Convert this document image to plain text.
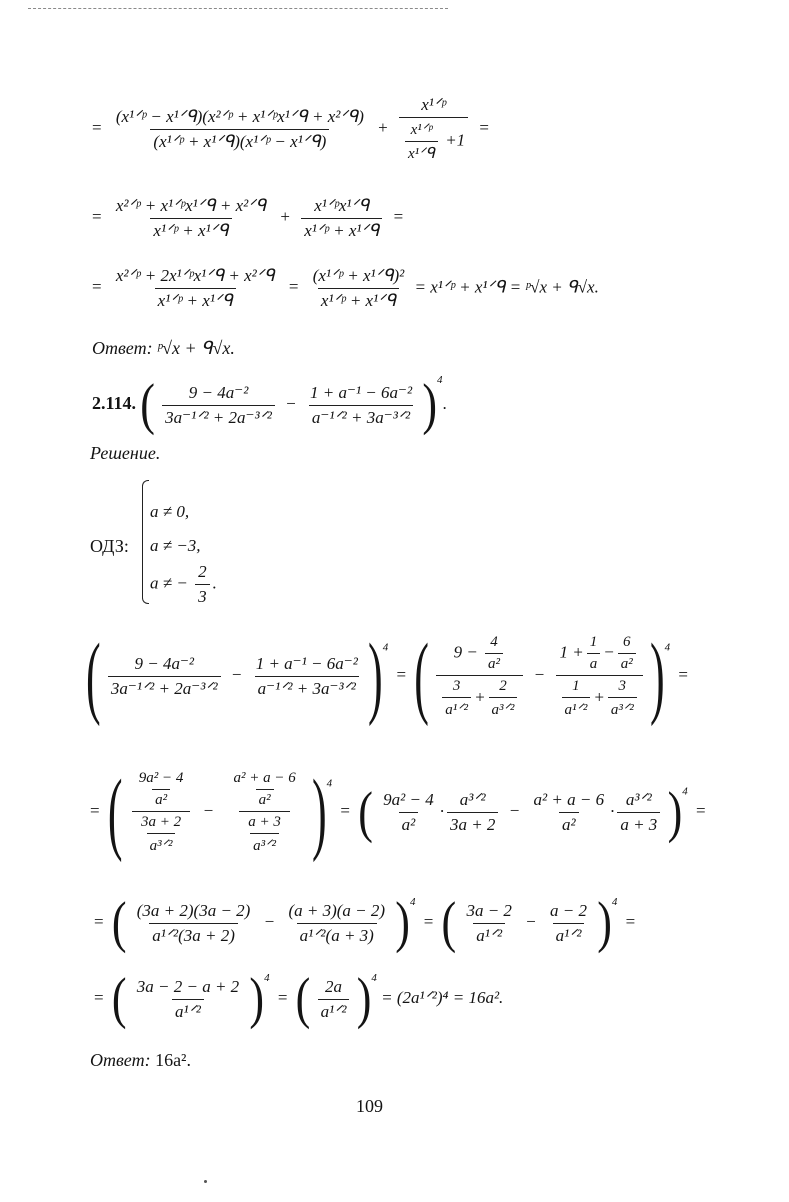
= $\frac{\text{(x¹ᐟᵖ − x¹ᐟᑫ)(x²ᐟᵖ + x¹ᐟᵖx¹ᐟᑫ + x²ᐟᑫ)}}{\text{(x¹ᐟᵖ + x¹ᐟᑫ)(x¹ᐟᵖ − x¹ᐟᑫ)}} + \frac{\text{x¹ᐟᵖ}}{\frac{\text{x¹ᐟᵖ}}{\text{x¹ᐟᑫ}} +1}$ =
= $\frac{\text{x²ᐟᵖ + x¹ᐟᵖx¹ᐟᑫ + x²ᐟᑫ}}{\text{x¹ᐟᵖ + x¹ᐟᑫ}} + \frac{\text{x¹ᐟᵖx¹ᐟᑫ}}{\text{x¹ᐟᵖ + x¹ᐟᑫ}}$ =
= $\frac{\text{x²ᐟᵖ + 2x¹ᐟᵖx¹ᐟᑫ + x²ᐟᑫ}}{\text{x¹ᐟᵖ + x¹ᐟᑫ}} = \frac{\text{(x¹ᐟᵖ + x¹ᐟᑫ)²}}{\text{x¹ᐟᵖ + x¹ᐟᑫ}}$ = x¹ᐟᵖ + x¹ᐟᑫ = ᵖ√x + ᑫ√x.
Ответ: ᵖ√x + ᑫ√x.
2.114. ( $\frac{\text{9 − 4a⁻²}}{\text{3a⁻¹ᐟ² + 2a⁻³ᐟ²}} - \frac{\text{1 + a⁻¹ − 6a⁻²}}{\text{a⁻¹ᐟ² + 3a⁻³ᐟ²}} )^4$.
Решение.
ОДЗ:
a ≠ 0,
a ≠ −3,
a ≠ − $\frac{2}{3}$ .
( $\frac{\text{9 − 4a⁻²}}{\text{3a⁻¹ᐟ² + 2a⁻³ᐟ²}} - \frac{\text{1 + a⁻¹ − 6a⁻²}}{\text{a⁻¹ᐟ² + 3a⁻³ᐟ²}} )^4$ = ( $\frac{9 - \frac{4}{\text{a²}}}{\frac{3}{\text{a¹ᐟ²}} + \frac{2}{\text{a³ᐟ²}}} - \frac{1 + \frac{1}{a} - \frac{6}{\text{a²}}}{\frac{1}{\text{a¹ᐟ²}} + \frac{3}{\text{a³ᐟ²}}} )^4$ =
= ( $\frac{\frac{\text{9a² − 4}}{\text{a²}}}{\frac{3a + 2}{\text{a³ᐟ²}}} - \frac{\frac{\text{a² + a − 6}}{\text{a²}}}{\frac{a + 3}{\text{a³ᐟ²}}} )^4$ = ( $\frac{\text{9a² − 4}}{\text{a²}} \cdot \frac{\text{a³ᐟ²}}{3a + 2} - \frac{\text{a² + a − 6}}{\text{a²}} \cdot \frac{\text{a³ᐟ²}}{a + 3} )^4$ =
= ( $\frac{(3a + 2)(3a - 2)}{\text{a¹ᐟ²(3a + 2)}} - \frac{(a + 3)(a - 2)}{\text{a¹ᐟ²(a + 3)}} )^4$ = ( $\frac{3a - 2}{\text{a¹ᐟ²}} - \frac{a - 2}{\text{a¹ᐟ²}} )^4$ =
= ( $\frac{3a - 2 - a + 2}{\text{a¹ᐟ²}} )^4$ = ( $\frac{2a}{\text{a¹ᐟ²}} )^4$ = (2a¹ᐟ²)⁴ = 16a².
Ответ: 16a².
109
